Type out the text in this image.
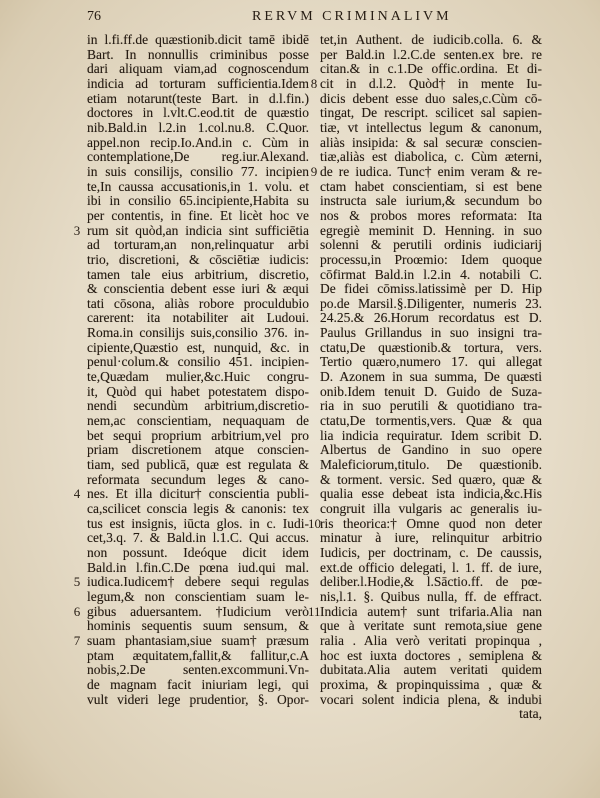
76	RERVM CRIMINALIVM
in l.fi.ff.de quæstionib.dicit tamē ibidē
Bart. In nonnullis criminibus posse
dari aliquam viam,ad cognoscendum
indicia ad torturam sufficientia.Idem
etiam notarunt(teste Bart. in d.l.fin.)
doctores in l.vlt.C.eod.tit de quæstio
nib.Bald.in l.2.in 1.col.nu.8. C.Quor.
appel.non recip.Io.And.in c. Cùm in
contemplatione,De reg.iur.Alexand.
in suis consilijs, consilio 77. incipien
te,In caussa accusationis,in 1. volu. et
ibi in consilio 65.incipiente,Habita su
per contentis, in fine. Et licèt hoc ve
3 rum sit quòd,an indicia sint sufficiētia
ad torturam,an non,relinquatur arbi
trio, discretioni, & cōsciētiæ iudicis:
tamen tale eius arbitrium, discretio,
& conscientia debent esse iuri & æqui
tati cōsona, aliàs robore proculdubio
carerent: ita notabiliter ait Ludoui.
Roma.in consilijs suis,consilio 376. in-
cipiente,Quæstio est, nunquid, &c. in
penul·colum.& consilio 451. incipien-
te,Quædam mulier,&c.Huic congru-
it, Quòd qui habet potestatem dispo-
nendi secundùm arbitrium,discretio-
nem,ac conscientiam, nequaquam de
bet sequi proprium arbitrium,vel pro
priam discretionem atque conscien-
tiam, sed publicā, quæ est regulata &
reformata secundum leges & cano-
4 nes. Et illa dicitur† conscientia publi-
ca,scilicet conscia legis & canonis: tex
tus est insignis, iūcta glos. in c. Iudi-
cet,3.q. 7. & Bald.in l.1.C. Qui accus.
non possunt. Ideóque dicit idem
Bald.in l.fin.C.De pœna iud.qui mal.
5 iudica.Iudicem† debere sequi regulas
legum,& non conscientiam suam le-
6 gibus aduersantem. †Iudicium verò
hominis sequentis suum sensum, &
7 suam phantasiam,siue suam† præsum
ptam æquitatem,fallit,& fallitur,c.A
nobis,2.De senten.excommuni.Vn-
de magnam facit iniuriam legi, qui
vult videri lege prudentior, §. Opor-
tet,in Authent. de iudicib.colla. 6. &
per Bald.in l.2.C.de senten.ex bre. re
citan.& in c.1.De offic.ordina. Et di-
8 cit in d.l.2. Quòd† in mente Iu-
dicis debent esse duo sales,c.Cùm cō-
tingat, De rescript. scilicet sal sapien-
tiæ, vt intellectus legum & canonum,
aliàs insipida: & sal securæ conscien-
tiæ,aliàs est diabolica, c. Cùm æterni,
9 de re iudica. Tunc† enim veram & re-
ctam habet conscientiam, si est bene
instructa sale iurium,& secundum bo
nos & probos mores reformata: Ita
egregiè meminit D. Henning. in suo
solenni & perutili ordinis iudiciarij
processu,in Proœmio: Idem quoque
cōfirmat Bald.in l.2.in 4. notabili C.
De fidei cōmiss.latissimè per D. Hip
po.de Marsil.§.Diligenter, numeris 23.
24.25.& 26.Horum recordatus est D.
Paulus Grillandus in suo insigni tra-
ctatu,De quæstionib.& tortura, vers.
Tertio quæro,numero 17. qui allegat
D. Azonem in sua summa, De quæsti
onib.Idem tenuit D. Guido de Suza-
ria in suo perutili & quotidiano tra-
ctatu,De tormentis,vers. Quæ & qua
lia indicia requiratur. Idem scribit D.
Albertus de Gandino in suo opere
Maleficiorum,titulo. De quæstionib.
& torment. versic. Sed quæro, quæ &
qualia esse debeat ista indicia,&c.His
congruit illa vulgaris ac generalis iu-
10 ris theorica:† Omne quod non deter
minatur à iure, relinquitur arbitrio
Iudicis, per doctrinam, c. De caussis,
ext.de officio delegati, l. 1. ff. de iure,
deliber.l.Hodie,& l.Sāctio.ff. de pœ-
nis,l.1. §. Quibus nulla, ff. de effract.
11 Indicia autem† sunt trifaria.Alia nan
que à veritate sunt remota,siue gene
ralia . Alia verò veritati propinqua ,
hoc est iuxta doctores , semiplena &
dubitata.Alia autem veritati quidem
proxima, & propinquissima , quæ &
vocari solent indicia plena, & indubi
tata,
